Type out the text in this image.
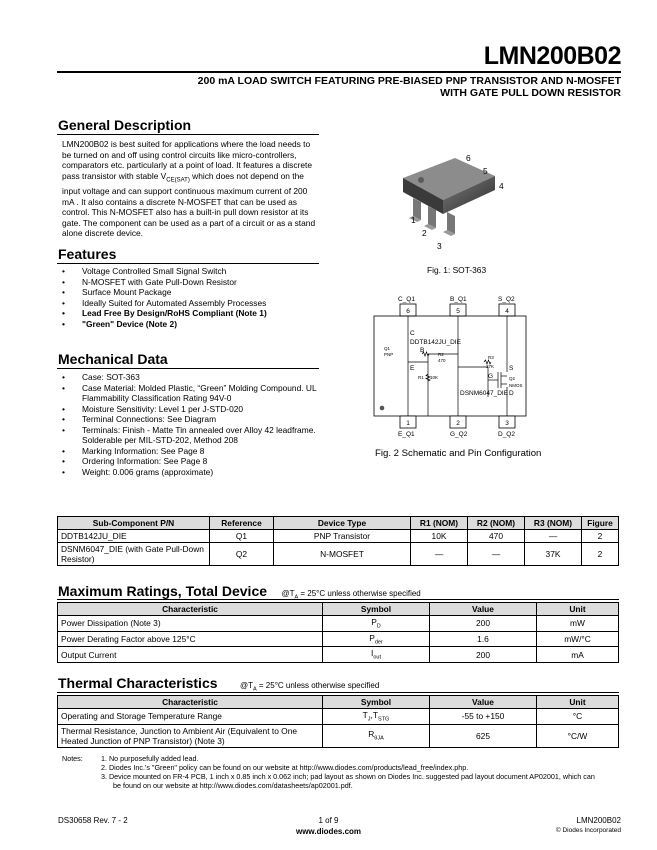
LMN200B02
200 mA LOAD SWITCH FEATURING PRE-BIASED PNP TRANSISTOR AND N-MOSFET
WITH GATE PULL DOWN RESISTOR
General Description
LMN200B02 is best suited for applications where the load needs to be turned on and off using control circuits like micro-controllers, comparators etc. particularly at a point of load. It features a discrete pass transistor with stable $V_{CE(SAT)}$ which does not depend on the input voltage and can support continuous maximum current of 200 mA . It also contains a discrete N-MOSFET that can be used as control. This N-MOSFET also has a built-in pull down resistor at its gate. The component can be used as a part of a circuit or as a stand alone discrete device.
Features
• Voltage Controlled Small Signal Switch
• N-MOSFET with Gate Pull-Down Resistor
• Surface Mount Package
• Ideally Suited for Automated Assembly Processes
• Lead Free By Design/RoHS Compliant (Note 1)
• "Green" Device (Note 2)
Mechanical Data
• Case: SOT-363
• Case Material: Molded Plastic, “Green” Molding Compound. UL Flammability Classification Rating 94V-0
• Moisture Sensitivity: Level 1 per J-STD-020
• Terminal Connections: See Diagram
• Terminals: Finish - Matte Tin annealed over Alloy 42 leadframe. Solderable per MIL-STD-202, Method 208
• Marking Information: See Page 8
• Ordering Information: See Page 8
• Weight: 0.006 grams (approximate)
6
5
4
1
2
3
Fig. 1: SOT-363
C_Q1	B_Q1	S_Q2
6	5	4
1	2	3
E_Q1	G_Q2	D_Q2
C
DDTB142JU_DIE
Q1
PNP
B
R2
470
E
R1 10K
R3
37K S
G	Q2
NMOS
DSNM6047_DIE D
Fig. 2 Schematic and Pin Configuration
Sub-Component P/N	Reference	Device Type	R1 (NOM)	R2 (NOM)	R3 (NOM)	Figure
DDTB142JU_DIE	Q1	PNP Transistor	10K	470	—	2
DSNM6047_DIE (with Gate Pull-Down Resistor)	Q2	N-MOSFET	—	—	37K	2
Maximum Ratings, Total Device $@T_A = 25^\circ C$ unless otherwise specified
Characteristic	Symbol	Value	Unit
Power Dissipation (Note 3)	$P_D$	200	mW
Power Derating Factor above 125°C	$P_{der}$	1.6	mW/°C
Output Current	$I_{out}$	200	mA
Thermal Characteristics	$@T_A = 25^\circ C$ unless otherwise specified
Characteristic	Symbol	Value	Unit
Operating and Storage Temperature Range	$T_J,T_{STG}$	-55 to +150	°C
Thermal Resistance, Junction to Ambient Air (Equivalent to One Heated Junction of PNP Transistor) (Note 3)	$R_{\theta JA}$	625	°C/W
Notes:	1. No purposefully added lead.
2. Diodes Inc.'s "Green" policy can be found on our website at http://www.diodes.com/products/lead_free/index.php.
3. Device mounted on FR-4 PCB, 1 inch x 0.85 inch x 0.062 inch; pad layout as shown on Diodes Inc. suggested pad layout document AP02001, which can be found on our website at http://www.diodes.com/datasheets/ap02001.pdf.
DS30658 Rev. 7 - 2	1 of 9
www.diodes.com
LMN200B02
© Diodes Incorporated
